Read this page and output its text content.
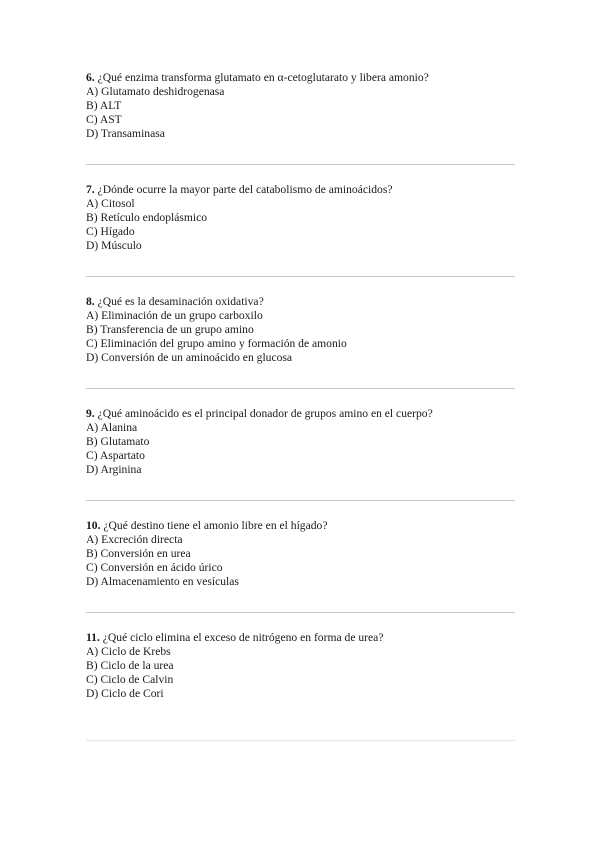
6. ¿Qué enzima transforma glutamato en α-cetoglutarato y libera amonio?

A) Glutamato deshidrogenasa

B) ALT

C) AST

D) Transaminasa

7. ¿Dónde ocurre la mayor parte del catabolismo de aminoácidos?

A) Citosol

B) Retículo endoplásmico

C) Hígado

D) Músculo

8. ¿Qué es la desaminación oxidativa?

A) Eliminación de un grupo carboxilo

B) Transferencia de un grupo amino

C) Eliminación del grupo amino y formación de amonio

D) Conversión de un aminoácido en glucosa

9. ¿Qué aminoácido es el principal donador de grupos amino en el cuerpo?

A) Alanina

B) Glutamato

C) Aspartato

D) Arginina

10. ¿Qué destino tiene el amonio libre en el hígado?

A) Excreción directa

B) Conversión en urea

C) Conversión en ácido úrico

D) Almacenamiento en vesículas

11. ¿Qué ciclo elimina el exceso de nitrógeno en forma de urea?

A) Ciclo de Krebs

B) Ciclo de la urea

C) Ciclo de Calvin

D) Ciclo de Cori
